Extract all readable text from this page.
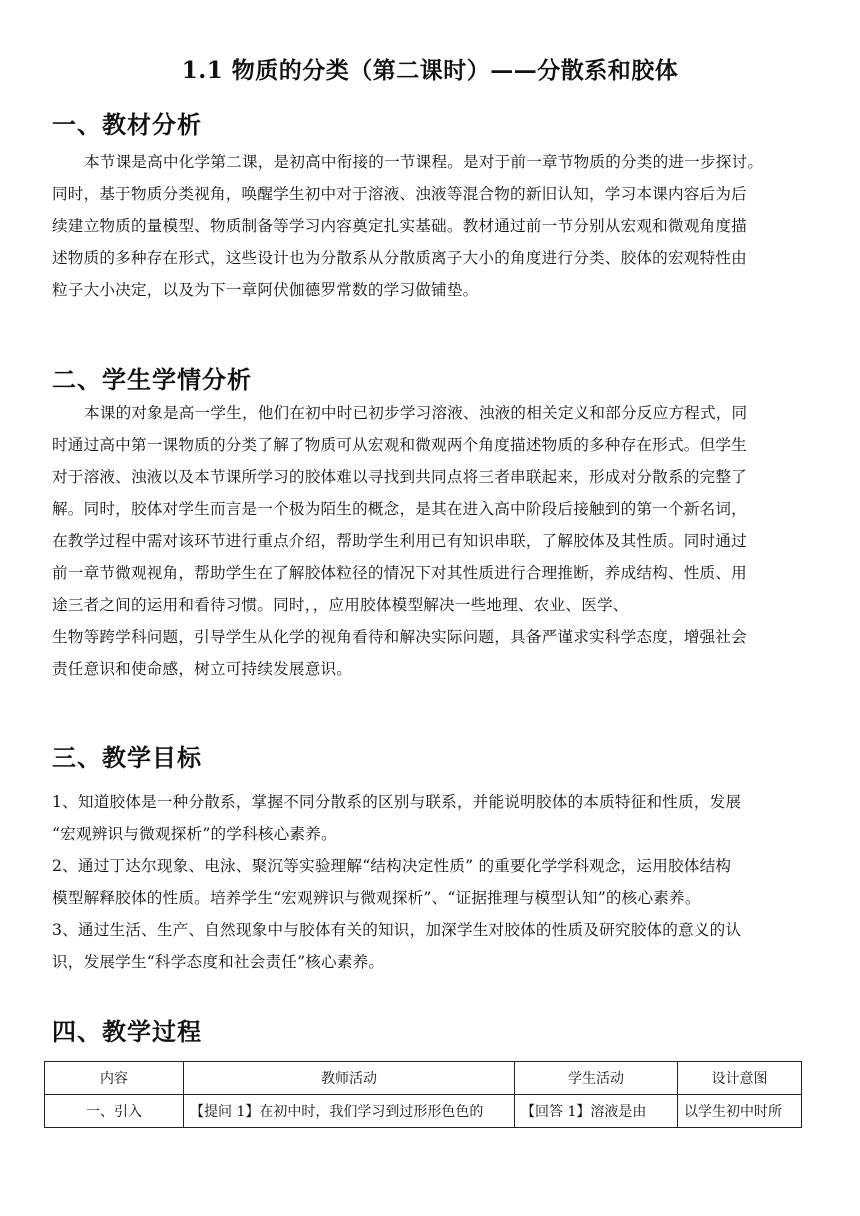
1.1 物质的分类（第二课时）——分散系和胶体
一、教材分析
本节课是高中化学第二课，是初高中衔接的一节课程。是对于前一章节物质的分类的进一步探讨。
同时，基于物质分类视角，唤醒学生初中对于溶液、浊液等混合物的新旧认知，学习本课内容后为后
续建立物质的量模型、物质制备等学习内容奠定扎实基础。教材通过前一节分别从宏观和微观角度描
述物质的多种存在形式，这些设计也为分散系从分散质离子大小的角度进行分类、胶体的宏观特性由
粒子大小决定，以及为下一章阿伏伽德罗常数的学习做铺垫。
二、学生学情分析
本课的对象是高一学生，他们在初中时已初步学习溶液、浊液的相关定义和部分反应方程式，同
时通过高中第一课物质的分类了解了物质可从宏观和微观两个角度描述物质的多种存在形式。但学生
对于溶液、浊液以及本节课所学习的胶体难以寻找到共同点将三者串联起来，形成对分散系的完整了
解。同时，胶体对学生而言是一个极为陌生的概念，是其在进入高中阶段后接触到的第一个新名词，
在教学过程中需对该环节进行重点介绍，帮助学生利用已有知识串联，了解胶体及其性质。同时通过
前一章节微观视角，帮助学生在了解胶体粒径的情况下对其性质进行合理推断，养成结构、性质、用
途三者之间的运用和看待习惯。同时，，应用胶体模型解决一些地理、农业、医学、
生物等跨学科问题，引导学生从化学的视角看待和解决实际问题，具备严谨求实科学态度，增强社会
责任意识和使命感，树立可持续发展意识。
三、教学目标
1、知道胶体是一种分散系，掌握不同分散系的区别与联系，并能说明胶体的本质特征和性质，发展
“宏观辨识与微观探析”的学科核心素养。
2、通过丁达尔现象、电泳、聚沉等实验理解“结构决定性质” 的重要化学学科观念，运用胶体结构
模型解释胶体的性质。培养学生“宏观辨识与微观探析”、“证据推理与模型认知”的核心素养。
3、通过生活、生产、自然现象中与胶体有关的知识，加深学生对胶体的性质及研究胶体的意义的认
识，发展学生“科学态度和社会责任”核心素养。
四、教学过程
内容	教师活动	学生活动	设计意图
一、引入	【提问 1】在初中时，我们学习到过形形色色的	【回答 1】溶液是由	以学生初中时所
